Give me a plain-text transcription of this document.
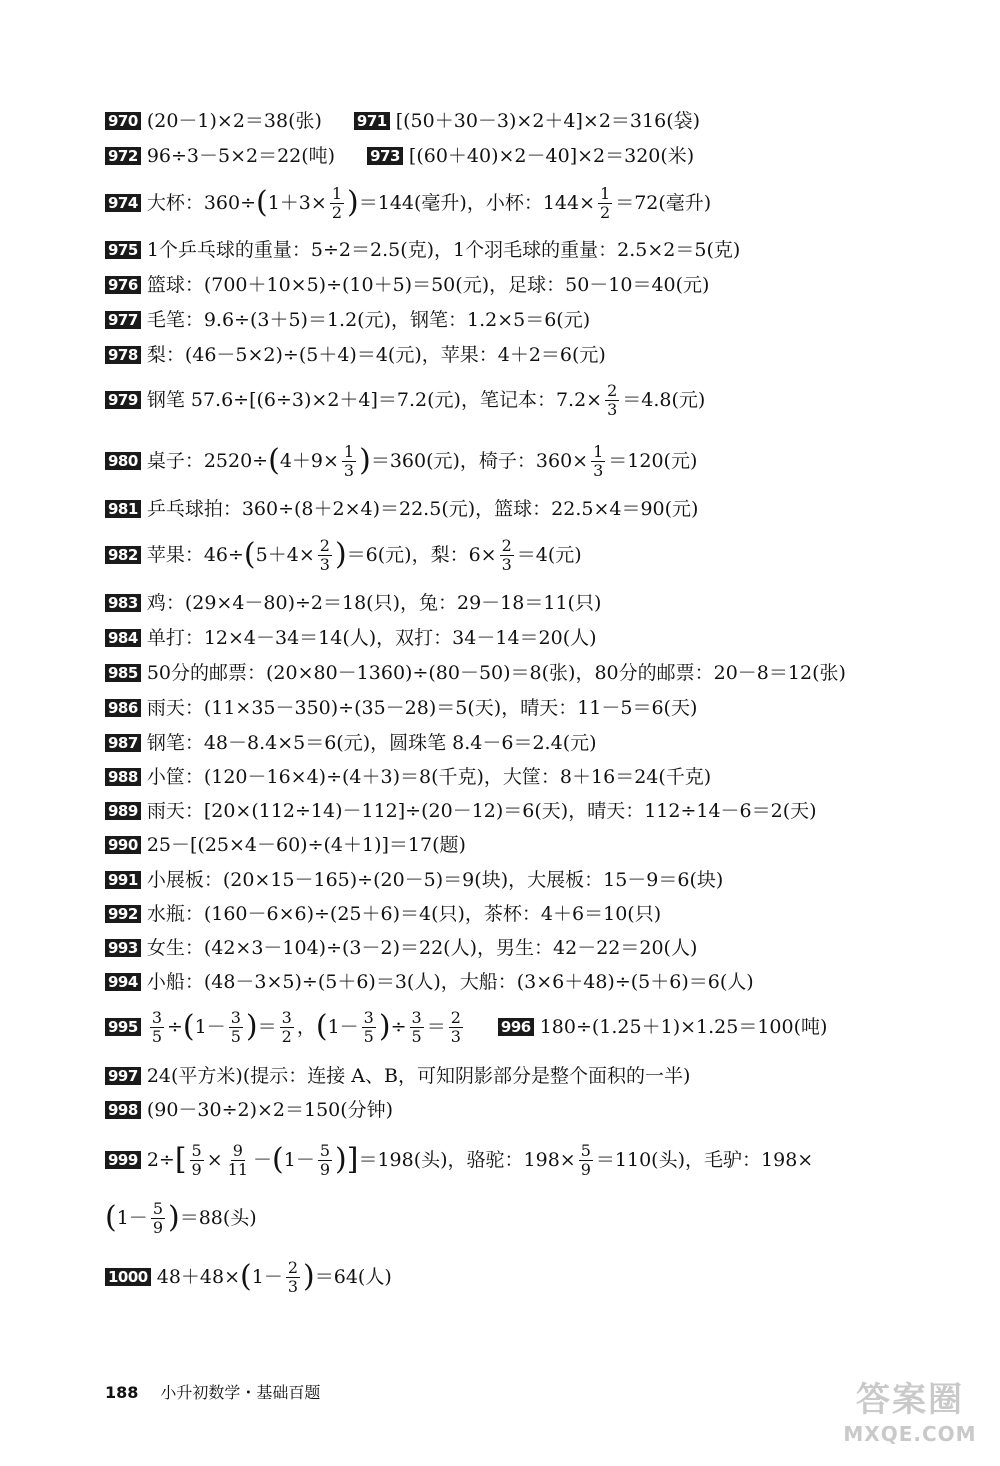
970 (20－1)×2＝38(张) 971 [(50＋30－3)×2＋4]×2＝316(袋)
972 96÷3－5×2＝22(吨) 973 [(60＋40)×2－40]×2＝320(米)
974 大杯：$360\div(1+3\times \frac{1}{2} )=144$(毫升)，小杯：$144\times \frac{1}{2} =72$(毫升)
975 1个乒乓球的重量：5÷2＝2.5(克)，1个羽毛球的重量：2.5×2＝5(克)
976 篮球：(700＋10×5)÷(10＋5)＝50(元)，足球：50－10＝40(元)
977 毛笔：9.6÷(3＋5)＝1.2(元)，钢笔：1.2×5＝6(元)
978 梨：(46－5×2)÷(5＋4)＝4(元)，苹果：4＋2＝6(元)
979 钢笔 57.6÷[(6÷3)×2＋4]＝7.2(元)，笔记本：$7.2\times \frac{2}{3} =4.8$(元)
980 桌子：$2520\div(4+9\times \frac{1}{3} )=360$(元)，椅子：$360\times \frac{1}{3} =120$(元)
981 乒乓球拍：360÷(8＋2×4)＝22.5(元)，篮球：22.5×4＝90(元)
982 苹果：$46\div(5+4\times \frac{2}{3} )=6$(元)，梨：$6\times \frac{2}{3} =4$(元)
983 鸡：(29×4－80)÷2＝18(只)，兔：29－18＝11(只)
984 单打：12×4－34＝14(人)，双打：34－14＝20(人)
985 50分的邮票：(20×80－1360)÷(80－50)＝8(张)，80分的邮票：20－8＝12(张)
986 雨天：(11×35－350)÷(35－28)＝5(天)，晴天：11－5＝6(天)
987 钢笔：48－8.4×5＝6(元)，圆珠笔 8.4－6＝2.4(元)
988 小筐：(120－16×4)÷(4＋3)＝8(千克)，大筐：8＋16＝24(千克)
989 雨天：[20×(112÷14)－112]÷(20－12)＝6(天)，晴天：112÷14－6＝2(天)
990 25－[(25×4－60)÷(4＋1)]＝17(题)
991 小展板：(20×15－165)÷(20－5)＝9(块)，大展板：15－9＝6(块)
992 水瓶：(160－6×6)÷(25＋6)＝4(只)，茶杯：4＋6＝10(只)
993 女生：(42×3－104)÷(3－2)＝22(人)，男生：42－22＝20(人)
994 小船：(48－3×5)÷(5＋6)＝3(人)，大船：(3×6＋48)÷(5＋6)＝6(人)
$995 \frac{3}{5} \div(1- \frac{3}{5}$ )＝ $\frac{3}{2}$ ，($1- \frac{3}{5}$ )÷ $\frac{3}{5} = \frac{2}{3}$	996 180÷(1.25＋1)×1.25＝100(吨)
997 24(平方米)(提示：连接 A、B，可知阴影部分是整个面积的一半)
998 (90－30÷2)×2＝150(分钟)
999 $2\div[ \frac{5}{9} \times \frac{9}{11} -(1- \frac{5}{9} )]=198$(头)，骆驼：$198\times \frac{5}{9} =110$(头)，毛驴：198×
$(1- \frac{5}{9} )=88$(头)
1000 $48+48\times(1- \frac{2}{3} )=64$(人)
188 小升初数学・基础百题	答案圈
MXQE.COM
